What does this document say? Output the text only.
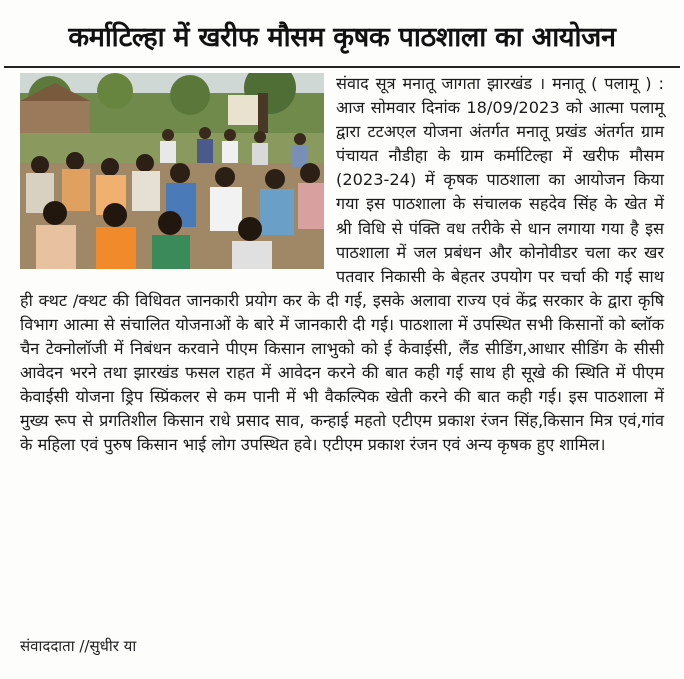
कर्माटिल्हा में खरीफ मौसम कृषक पाठशाला का आयोजन

संवाद सूत्र मनातू जागता झारखंड । मनातू ( पलामू ) : आज सोमवार दिनांक 18/09/2023 को आत्मा पलामू द्वारा टटअएल योजना अंतर्गत मनातू प्रखंड अंतर्गत ग्राम पंचायत नौडीहा के ग्राम कर्माटिल्हा में खरीफ मौसम (2023-24) में कृषक पाठशाला का आयोजन किया गया इस पाठशाला के संचालक सहदेव सिंह के खेत में श्री विधि से पंक्ति वध तरीके से धान लगाया गया है इस पाठशाला में जल प्रबंधन और कोनोवीडर चला कर खर पतवार निकासी के बेहतर उपयोग पर चर्चा की गई साथ ही क्थट /क्थट की विधिवत जानकारी प्रयोग कर के दी गई, इसके अलावा राज्य एवं केंद्र सरकार के द्वारा कृषि विभाग आत्मा से संचालित योजनाओं के बारे में जानकारी दी गई। पाठशाला में उपस्थित सभी किसानों को ब्लॉक चैन टेक्नोलॉजी में निबंधन करवाने पीएम किसान लाभुको को ई केवाईसी, लैंड सीडिंग,आधार सीडिंग के सीसी आवेदन भरने तथा झारखंड फसल राहत में आवेदन करने की बात कही गई साथ ही सूखे की स्थिति में पीएम केवाईसी योजना ड्रिप स्प्रिंकलर से कम पानी में भी वैकल्पिक खेती करने की बात कही गई। इस पाठशाला में मुख्य रूप से प्रगतिशील किसान राधे प्रसाद साव, कन्हाई महतो एटीएम प्रकाश रंजन सिंह,किसान मित्र एवं,गांव के महिला एवं पुरुष किसान भाई लोग उपस्थित हवे। एटीएम प्रकाश रंजन एवं अन्य कृषक हुए शामिल।

संवाददाता //सुधीर या
